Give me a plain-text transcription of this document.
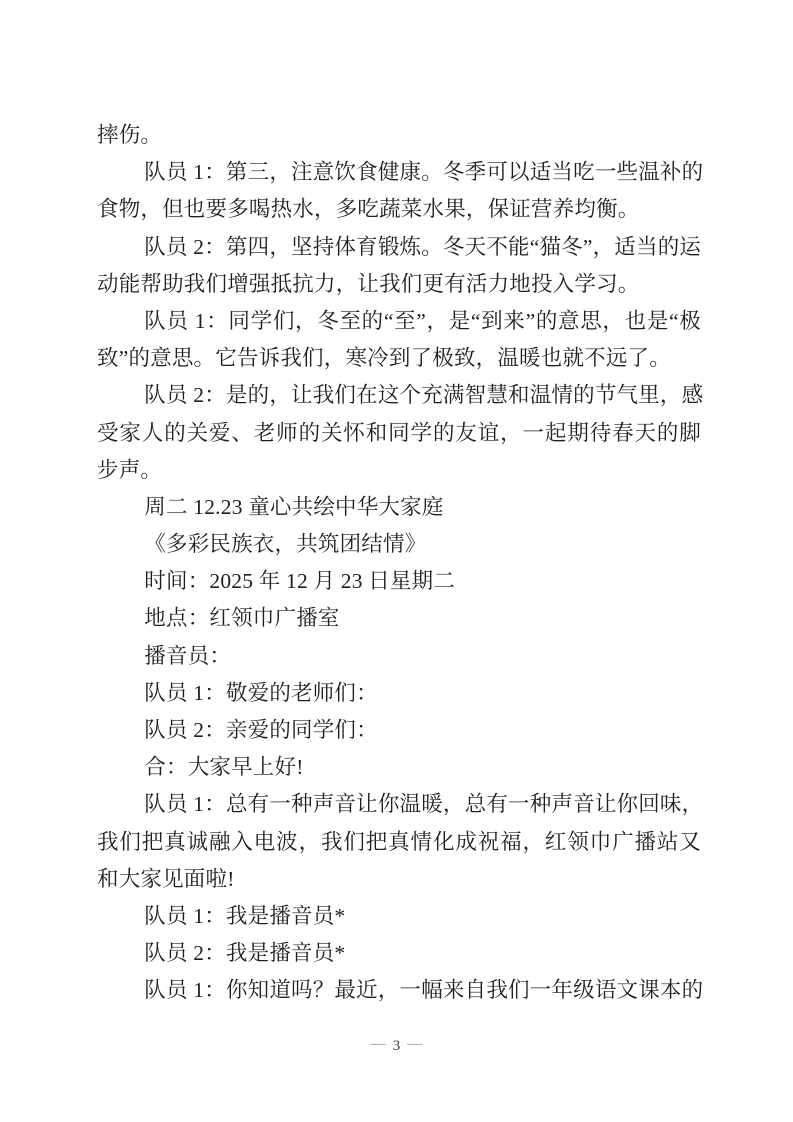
摔伤。
队员 1：第三，注意饮食健康。冬季可以适当吃一些温补的
食物，但也要多喝热水，多吃蔬菜水果，保证营养均衡。
队员 2：第四，坚持体育锻炼。冬天不能“猫冬”，适当的运
动能帮助我们增强抵抗力，让我们更有活力地投入学习。
队员 1：同学们，冬至的“至”，是“到来”的意思，也是“极
致”的意思。它告诉我们，寒冷到了极致，温暖也就不远了。
队员 2：是的，让我们在这个充满智慧和温情的节气里，感
受家人的关爱、老师的关怀和同学的友谊，一起期待春天的脚
步声。
周二 12.23 童心共绘中华大家庭
《多彩民族衣，共筑团结情》
时间：2025 年 12 月 23 日星期二
地点：红领巾广播室
播音员：
队员 1：敬爱的老师们：
队员 2：亲爱的同学们：
合：大家早上好!
队员 1：总有一种声音让你温暖，总有一种声音让你回味，
我们把真诚融入电波，我们把真情化成祝福，红领巾广播站又
和大家见面啦!
队员 1：我是播音员*
队员 2：我是播音员*
队员 1：你知道吗？最近，一幅来自我们一年级语文课本的
— 3 —
